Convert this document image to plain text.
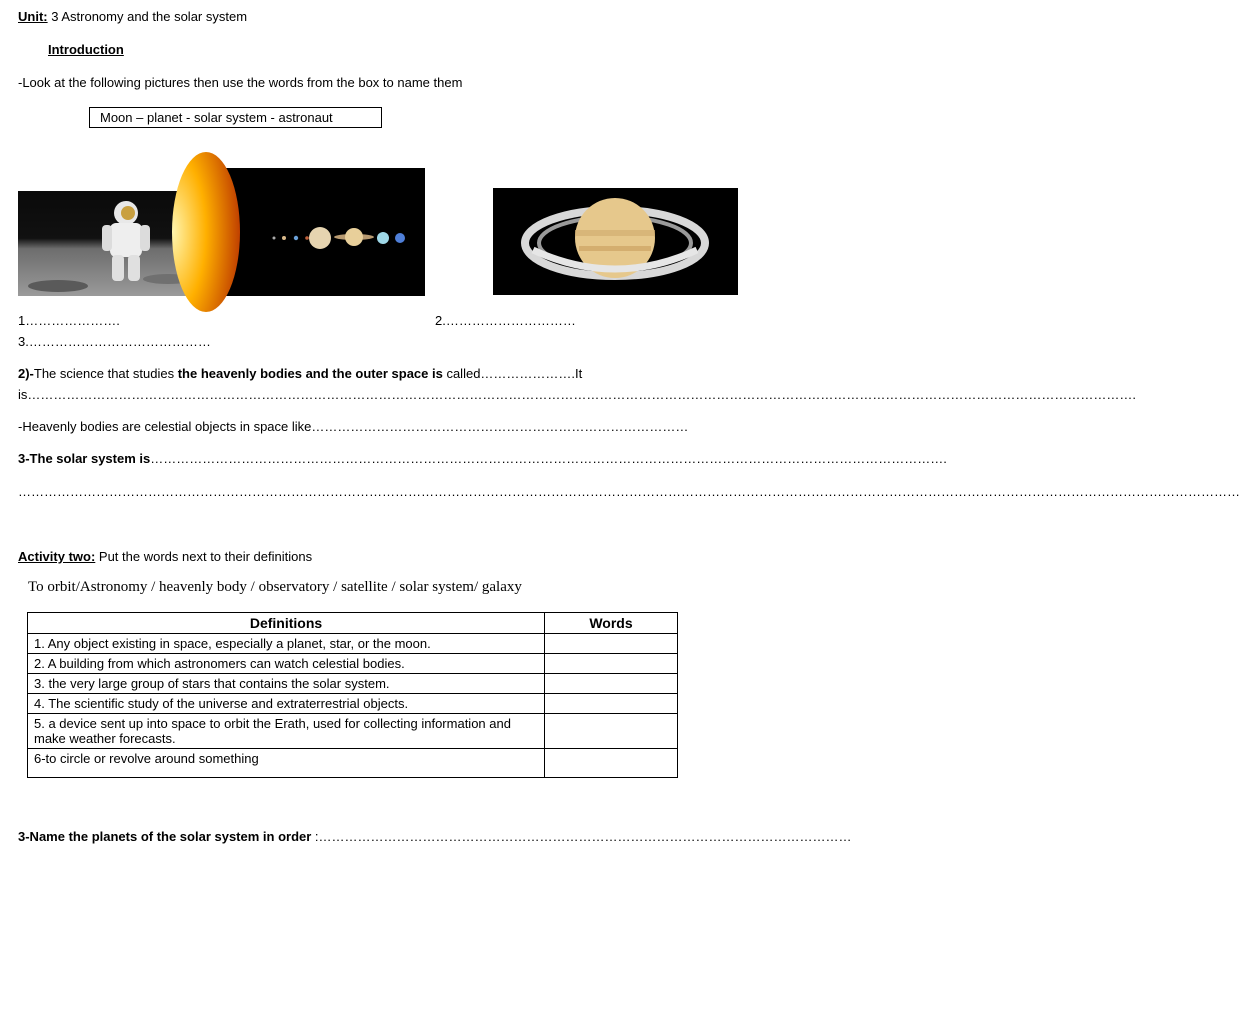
Unit: 3 Astronomy and the solar system
Introduction
-Look at the following pictures then use the words from the box to name them
Moon – planet - solar system - astronaut
1………………….	2.…………………………
3.……………………………………
2)-The science that studies the heavenly bodies and the outer space is called………………….It
is………………………………………………………………………………………………………………………………………………………………………………………………………………………………….
-Heavenly bodies are celestial objects in space like……………………………………………………………………………
3-The solar system is………………………………………………………………………………………………………………………………………………………………….
…………………………………………………………………………………………………………………………………………………………………………………………………………………………………………………………
Activity two: Put the words next to their definitions
To orbit/Astronomy / heavenly body / observatory / satellite / solar system/ galaxy
Definitions	Words
1. Any object existing in space, especially a planet, star, or the moon.	
2. A building from which astronomers can watch celestial bodies.	
3. the very large group of stars that contains the solar system.	
4. The scientific study of the universe and extraterrestrial objects.	
5. a device sent up into space to orbit the Erath, used for collecting information and make weather forecasts.	
6-to circle or revolve around something	
3-Name the planets of the solar system in order :……………………………………………………………………………………………………………
